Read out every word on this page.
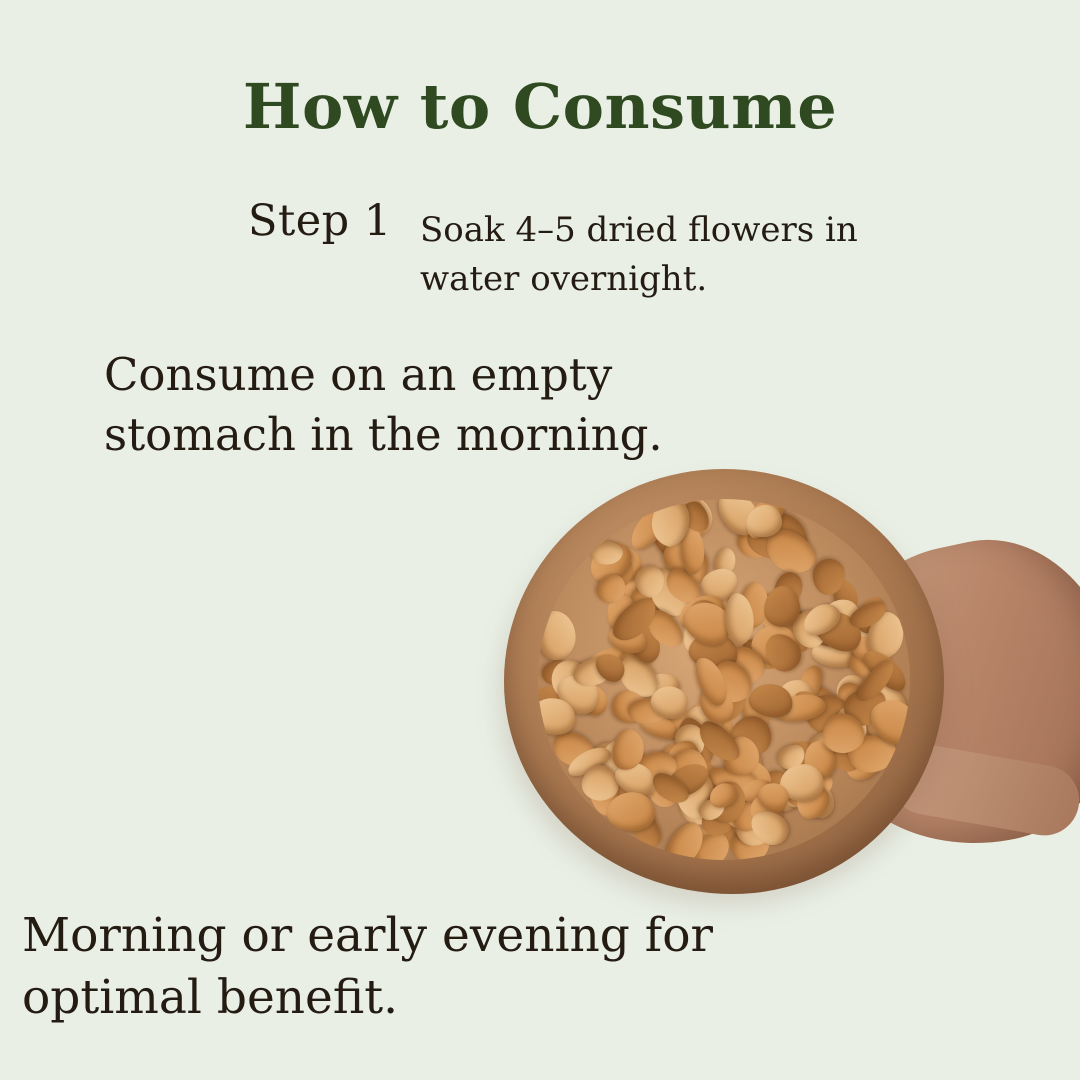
How to Consume
Step 1 Soak 4–5 dried flowers in water overnight.
Consume on an empty stomach in the morning.
Morning or early evening for optimal benefit.
